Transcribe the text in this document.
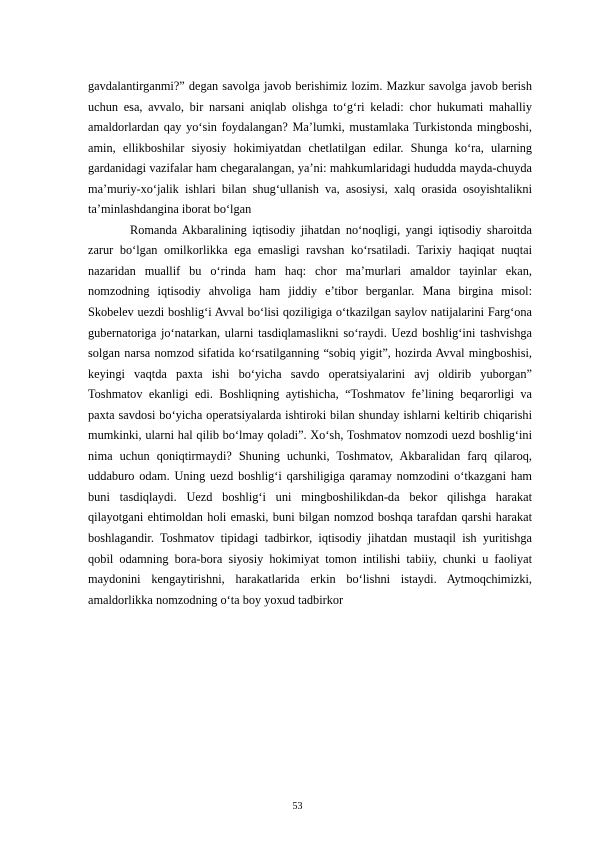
gavdalantirganmi?” degan savolga javob berishimiz lozim. Mazkur savolga javob berish uchun esa, avvalo, bir narsani aniqlab olishga to‘g‘ri keladi: chor hukumati mahalliy amaldorlardan qay yo‘sin foydalangan? Ma’lumki, mustamlaka Turkistonda mingboshi, amin, ellikboshilar siyosiy hokimiyatdan chetlatilgan edilar. Shunga ko‘ra, ularning gardanidagi vazifalar ham chegaralangan, ya’ni: mahkumlaridagi hududda mayda-chuyda ma’muriy-xo‘jalik ishlari bilan shug‘ullanish va, asosiysi, xalq orasida osoyishtalikni ta’minlashdangina iborat bo‘lgan

Romanda Akbaralining iqtisodiy jihatdan no‘noqligi, yangi iqtisodiy sharoitda zarur bo‘lgan omilkorlikka ega emasligi ravshan ko‘rsatiladi. Tarixiy haqiqat nuqtai nazaridan muallif bu o‘rinda ham haq: chor ma’murlari amaldor tayinlar ekan, nomzodning iqtisodiy ahvoliga ham jiddiy e’tibor berganlar. Mana birgina misol: Skobelev uezdi boshlig‘i Avval bo‘lisi qoziligiga o‘tkazilgan saylov natijalarini Farg‘ona gubernatoriga jo‘natarkan, ularni tasdiqlamaslikni so‘raydi. Uezd boshlig‘ini tashvishga solgan narsa nomzod sifatida ko‘rsatilganning “sobiq yigit”, hozirda Avval mingboshisi, keyingi vaqtda paxta ishi bo‘yicha savdo operatsiyalarini avj oldirib yuborgan” Toshmatov ekanligi edi. Boshliqning aytishicha, “Toshmatov fe’lining beqarorligi va paxta savdosi bo‘yicha operatsiyalarda ishtiroki bilan shunday ishlarni keltirib chiqarishi mumkinki, ularni hal qilib bo‘lmay qoladi”. Xo‘sh, Toshmatov nomzodi uezd boshlig‘ini nima uchun qoniqtirmaydi? Shuning uchunki, Toshmatov, Akbaralidan farq qilaroq, uddaburo odam. Uning uezd boshlig‘i qarshiligiga qaramay nomzodini o‘tkazgani ham buni tasdiqlaydi. Uezd boshlig‘i uni mingboshilikdan-da bekor qilishga harakat qilayotgani ehtimoldan holi emaski, buni bilgan nomzod boshqa tarafdan qarshi harakat boshlagandir. Toshmatov tipidagi tadbirkor, iqtisodiy jihatdan mustaqil ish yuritishga qobil odamning bora-bora siyosiy hokimiyat tomon intilishi tabiiy, chunki u faoliyat maydonini kengaytirishni, harakatlarida erkin bo‘lishni istaydi. Aytmoqchimizki, amaldorlikka nomzodning o‘ta boy yoxud tadbirkor

53
